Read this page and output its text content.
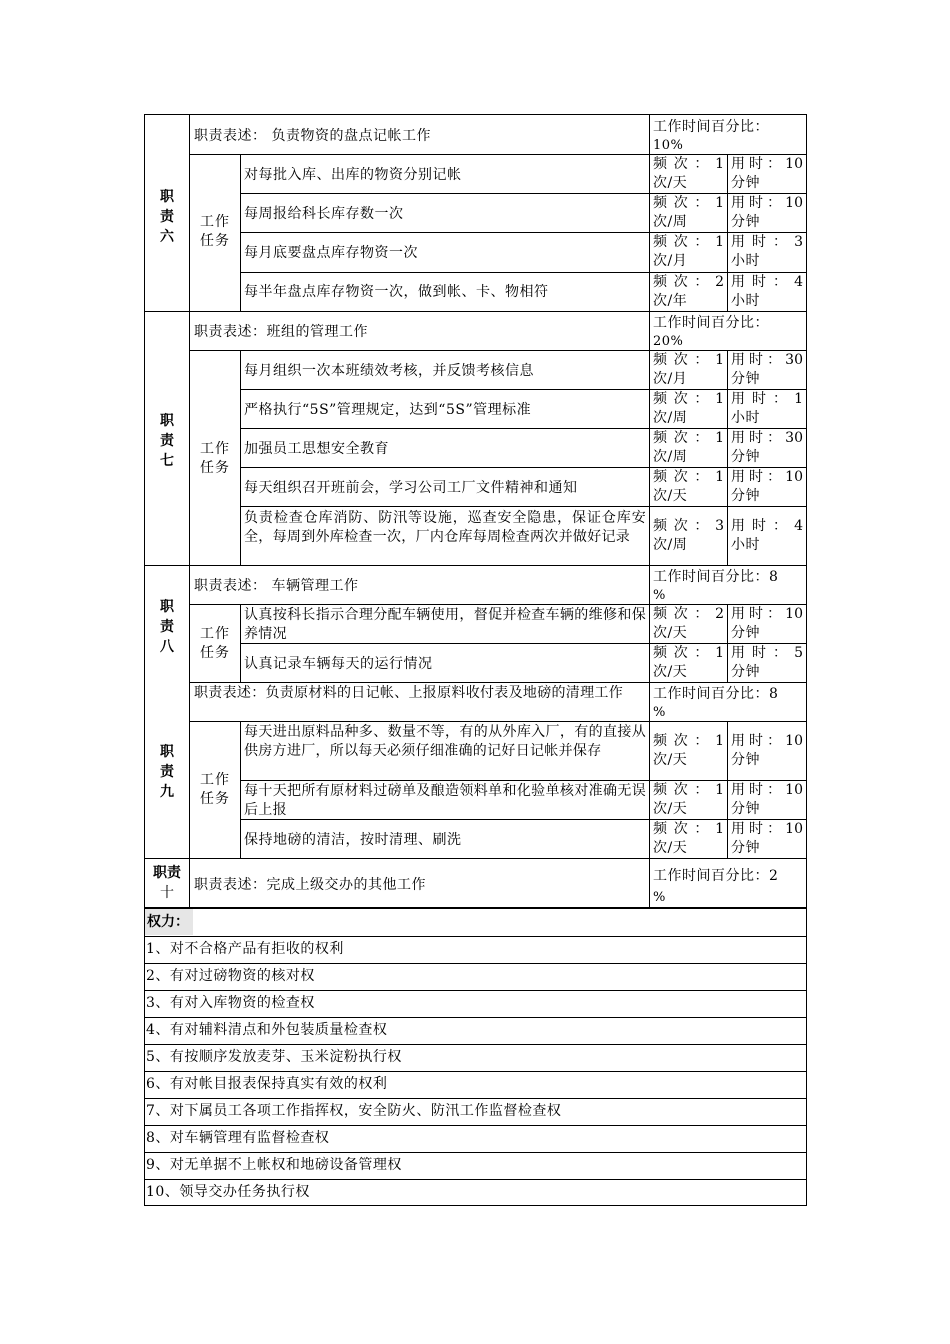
职责六
职责表述： 负责物资的盘点记帐工作
工作时间百分比：
10%
工作任务
对每批入库、出库的物资分别记帐
每周报给科长库存数一次
每月底要盘点库存物资一次
每半年盘点库存物资一次，做到帐、卡、物相符
职责七
职责表述：班组的管理工作
工作时间百分比：
20%
工作任务
每月组织一次本班绩效考核，并反馈考核信息
严格执行“5S”管理规定，达到“5S”管理标准
加强员工思想安全教育
每天组织召开班前会，学习公司工厂文件精神和通知
负责检查仓库消防、防汛等设施，巡查安全隐患，保证仓库安全，每周到外库检查一次，厂内仓库每周检查两次并做好记录
职责八
职责表述： 车辆管理工作
工作时间百分比：8
%
工作任务
认真按科长指示合理分配车辆使用，督促并检查车辆的维修和保养情况
认真记录车辆每天的运行情况
职责九
职责表述：负责原材料的日记帐、上报原料收付表及地磅的清理工作	工作时间百分比：8
%
工作任务
每天进出原料品种多、数量不等，有的从外库入厂，有的直接从供房方进厂，所以每天必须仔细准确的记好日记帐并保存
每十天把所有原材料过磅单及酿造领料单和化验单核对准确无误后上报
保持地磅的清洁，按时清理、刷洗
职责
十	职责表述：完成上级交办的其他工作
工作时间百分比：2
%
频次：1
次/天
用时：10
分钟
频次：1
次/周
用时：10
分钟
频次：1
次/月
用时：3
小时
频次：2
次/年
用时：4
小时
频次：1
次/月
用时：30
分钟
频次：1
次/周
用时：1
小时
频次：1
次/周
用时：30
分钟
频次：1
次/天
用时：10
分钟
频次：3
次/周
用时：4
小时
频次：2
次/天
用时：10
分钟
频次：1
次/天
用时：5
分钟
频次：1
次/天
用时：10
分钟
频次：1
次/天
用时：10
分钟
频次：1
次/天
用时：10
分钟
权力：
1、对不合格产品有拒收的权利
2、有对过磅物资的核对权
3、有对入库物资的检查权
4、有对辅料清点和外包装质量检查权
5、有按顺序发放麦芽、玉米淀粉执行权
6、有对帐目报表保持真实有效的权利
7、对下属员工各项工作指挥权，安全防火、防汛工作监督检查权
8、对车辆管理有监督检查权
9、对无单据不上帐权和地磅设备管理权
10、领导交办任务执行权
